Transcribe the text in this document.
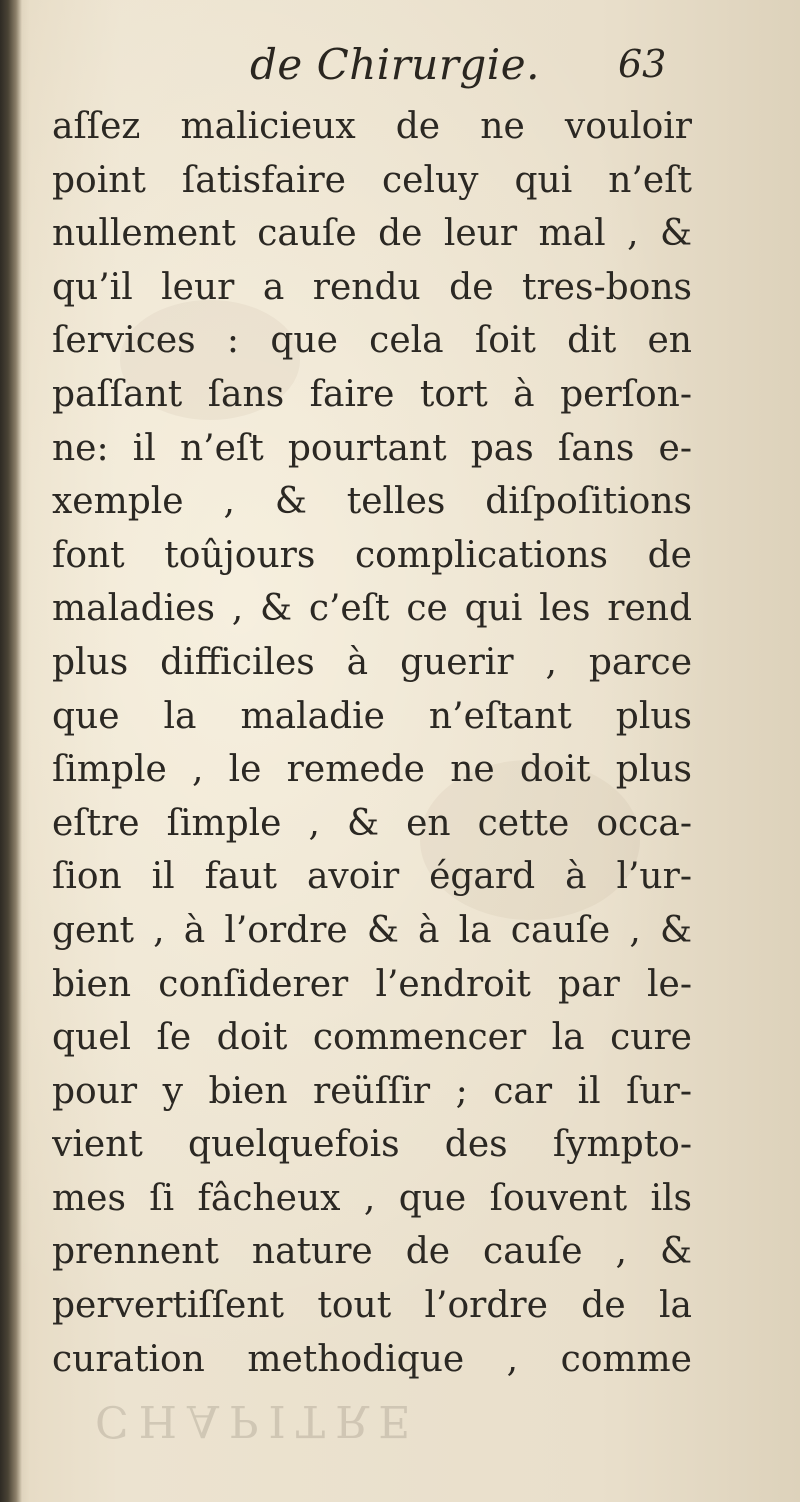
de Chirurgie. 63
aſſez malicieux de ne vouloir
point ſatisfaire celuy qui n’eſt
nullement cauſe de leur mal , &
qu’il leur a rendu de tres-bons
ſervices : que cela ſoit dit en
paſſant ſans faire tort à perſon-
ne: il n’eſt pourtant pas ſans e-
xemple , & telles diſpoſitions
font toûjours complications de
maladies , & c’eſt ce qui les rend
plus difficiles à guerir , parce
que la maladie n’eſtant plus
ſimple , le remede ne doit plus
eſtre ſimple , & en cette occa-
ſion il faut avoir égard à l’ur-
gent , à l’ordre & à la cauſe , &
bien conſiderer l’endroit par le-
quel ſe doit commencer la cure
pour y bien reüſſir ; car il ſur-
vient quelquefois des ſympto-
mes ſi fâcheux , que ſouvent ils
prennent nature de cauſe , &
pervertiſſent tout l’ordre de la
curation methodique , comme
CHAPITRE
